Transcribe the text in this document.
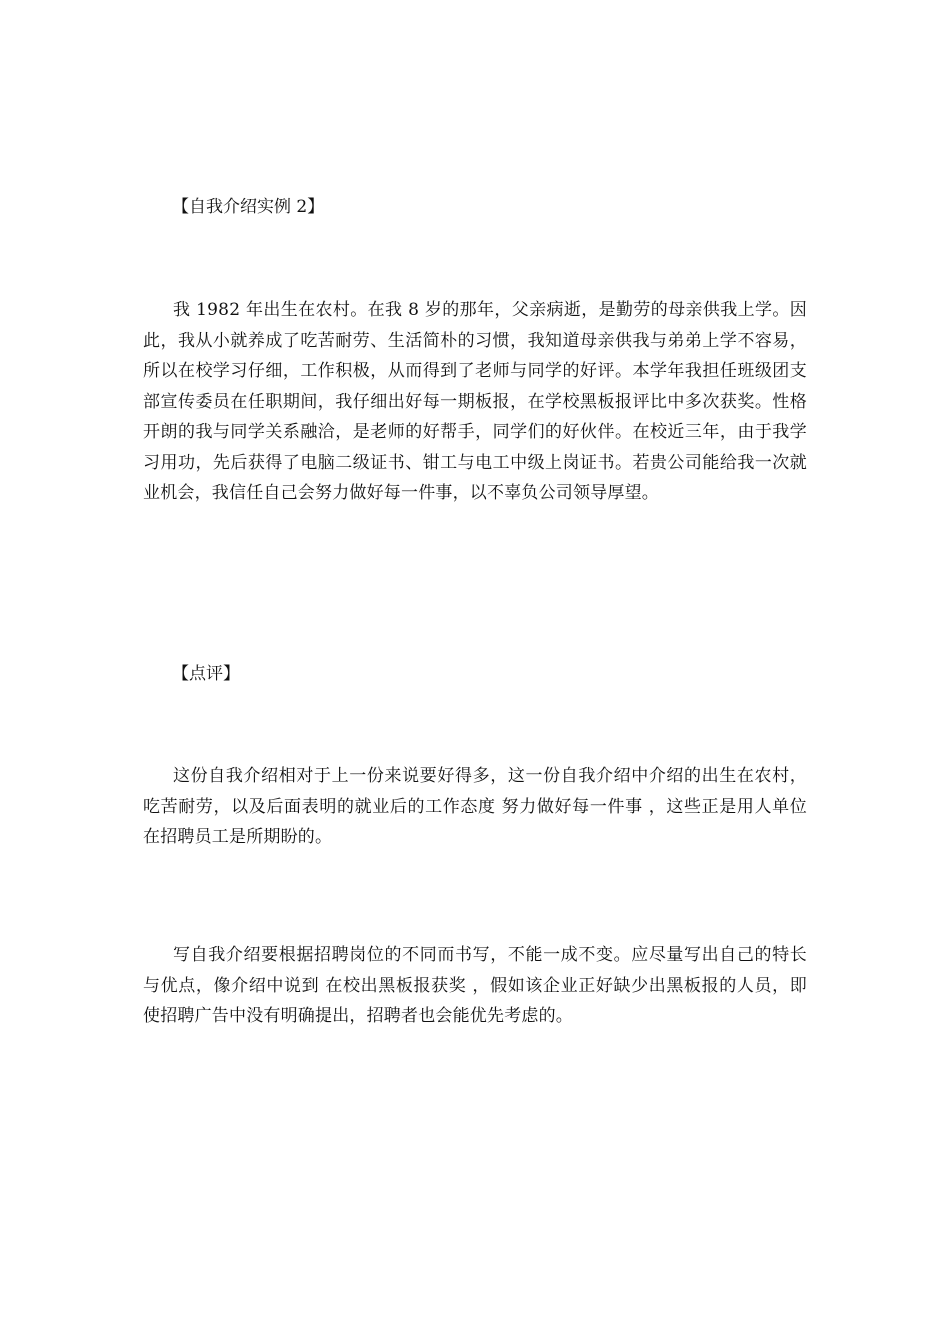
【自我介绍实例 2】

我 1982 年出生在农村。在我 8 岁的那年，父亲病逝，是勤劳的母亲供我上学。因此，我从小就养成了吃苦耐劳、生活简朴的习惯，我知道母亲供我与弟弟上学不容易，所以在校学习仔细，工作积极，从而得到了老师与同学的好评。本学年我担任班级团支部宣传委员在任职期间，我仔细出好每一期板报，在学校黑板报评比中多次获奖。性格开朗的我与同学关系融洽，是老师的好帮手，同学们的好伙伴。在校近三年，由于我学习用功，先后获得了电脑二级证书、钳工与电工中级上岗证书。若贵公司能给我一次就业机会，我信任自己会努力做好每一件事，以不辜负公司领导厚望。

【点评】

这份自我介绍相对于上一份来说要好得多，这一份自我介绍中介绍的出生在农村，吃苦耐劳，以及后面表明的就业后的工作态度 努力做好每一件事 ，这些正是用人单位在招聘员工是所期盼的。

写自我介绍要根据招聘岗位的不同而书写，不能一成不变。应尽量写出自己的特长与优点，像介绍中说到 在校出黑板报获奖 ，假如该企业正好缺少出黑板报的人员，即使招聘广告中没有明确提出，招聘者也会能优先考虑的。
